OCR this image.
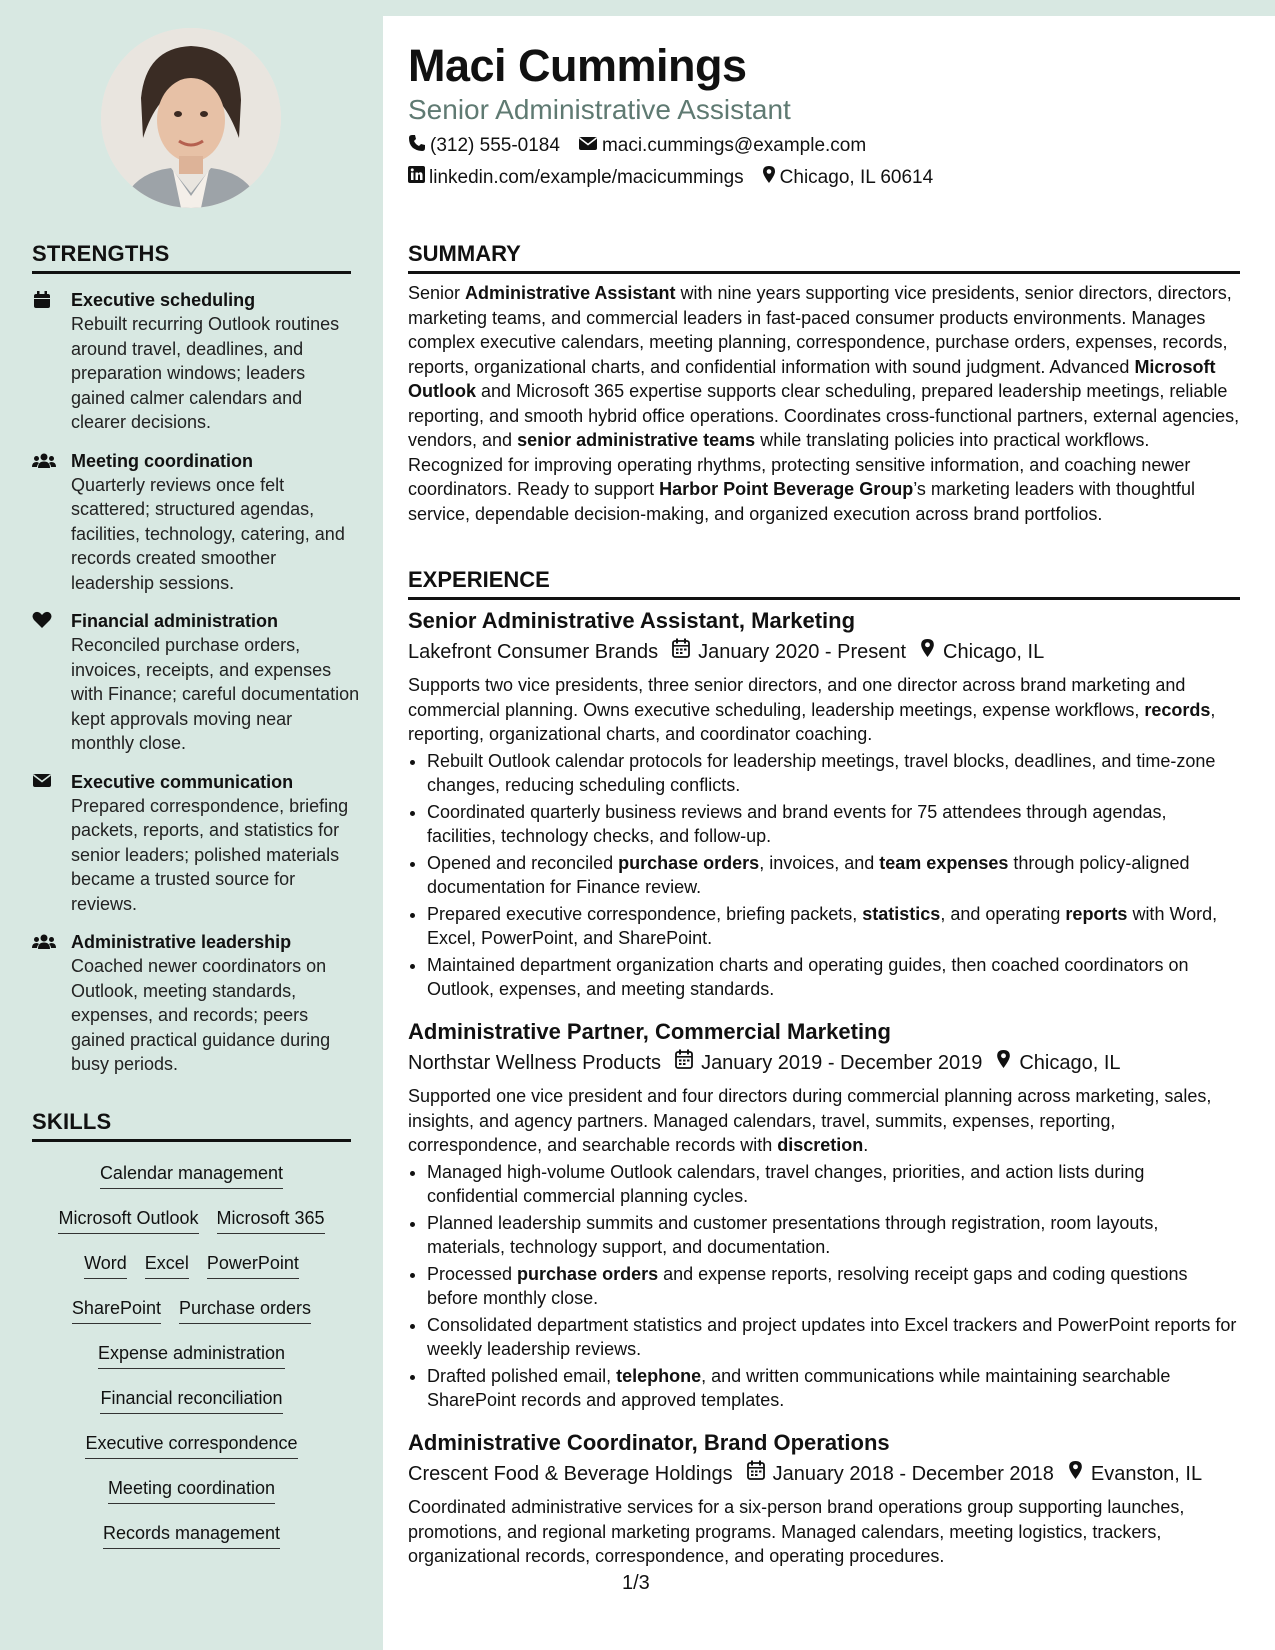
STRENGTHS
Executive scheduling
Rebuilt recurring Outlook routines around travel, deadlines, and preparation windows; leaders gained calmer calendars and clearer decisions.
Meeting coordination
Quarterly reviews once felt scattered; structured agendas, facilities, technology, catering, and records created smoother leadership sessions.
Financial administration
Reconciled purchase orders, invoices, receipts, and expenses with Finance; careful documentation kept approvals moving near monthly close.
Executive communication
Prepared correspondence, briefing packets, reports, and statistics for senior leaders; polished materials became a trusted source for reviews.
Administrative leadership
Coached newer coordinators on Outlook, meeting standards, expenses, and records; peers gained practical guidance during busy periods.
SKILLS
Calendar management
Microsoft Outlook Microsoft 365
Word Excel PowerPoint
SharePoint Purchase orders
Expense administration
Financial reconciliation
Executive correspondence
Meeting coordination
Records management
Maci Cummings
Senior Administrative Assistant
(312) 555-0184 maci.cummings@example.com
linkedin.com/example/macicummings Chicago, IL 60614
SUMMARY

Senior Administrative Assistant with nine years supporting vice presidents, senior directors, directors, marketing teams, and commercial leaders in fast-paced consumer products environments. Manages complex executive calendars, meeting planning, correspondence, purchase orders, expenses, records, reports, organizational charts, and confidential information with sound judgment. Advanced Microsoft Outlook and Microsoft 365 expertise supports clear scheduling, prepared leadership meetings, reliable reporting, and smooth hybrid office operations. Coordinates cross-functional partners, external agencies, vendors, and senior administrative teams while translating policies into practical workflows. Recognized for improving operating rhythms, protecting sensitive information, and coaching newer coordinators. Ready to support Harbor Point Beverage Group’s marketing leaders with thoughtful service, dependable decision-making, and organized execution across brand portfolios.

EXPERIENCE
Senior Administrative Assistant, Marketing
Lakefront Consumer Brands January 2020 - Present Chicago, IL

Supports two vice presidents, three senior directors, and one director across brand marketing and commercial planning. Owns executive scheduling, leadership meetings, expense workflows, records, reporting, organizational charts, and coordinator coaching.

• Rebuilt Outlook calendar protocols for leadership meetings, travel blocks, deadlines, and time-zone changes, reducing scheduling conflicts.
• Coordinated quarterly business reviews and brand events for 75 attendees through agendas, facilities, technology checks, and follow-up.
• Opened and reconciled purchase orders, invoices, and team expenses through policy-aligned documentation for Finance review.
• Prepared executive correspondence, briefing packets, statistics, and operating reports with Word, Excel, PowerPoint, and SharePoint.
• Maintained department organization charts and operating guides, then coached coordinators on Outlook, expenses, and meeting standards.
Administrative Partner, Commercial Marketing
Northstar Wellness Products January 2019 - December 2019 Chicago, IL

Supported one vice president and four directors during commercial planning across marketing, sales, insights, and agency partners. Managed calendars, travel, summits, expenses, reporting, correspondence, and searchable records with discretion.

• Managed high-volume Outlook calendars, travel changes, priorities, and action lists during confidential commercial planning cycles.
• Planned leadership summits and customer presentations through registration, room layouts, materials, technology support, and documentation.
• Processed purchase orders and expense reports, resolving receipt gaps and coding questions before monthly close.
• Consolidated department statistics and project updates into Excel trackers and PowerPoint reports for weekly leadership reviews.
• Drafted polished email, telephone, and written communications while maintaining searchable SharePoint records and approved templates.
Administrative Coordinator, Brand Operations
Crescent Food & Beverage Holdings January 2018 - December 2018 Evanston, IL

Coordinated administrative services for a six-person brand operations group supporting launches, promotions, and regional marketing programs. Managed calendars, meeting logistics, trackers, organizational records, correspondence, and operating procedures.

1/3
